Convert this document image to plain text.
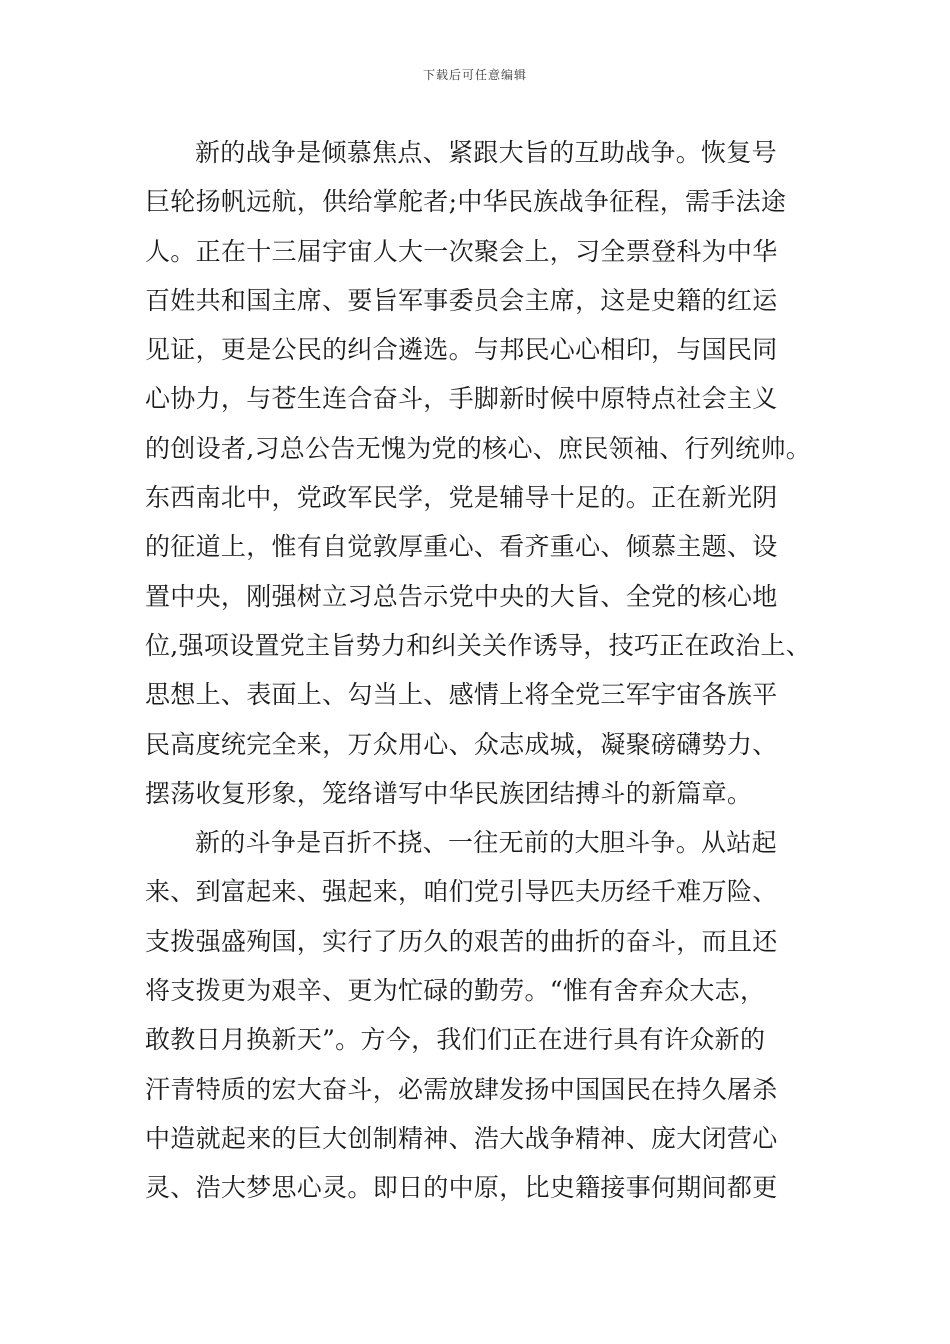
下载后可任意编辑
新的战争是倾慕焦点、紧跟大旨的互助战争。恢复号
巨轮扬帆远航，供给掌舵者;中华民族战争征程，需手法途
人。正在十三届宇宙人大一次聚会上，习全票登科为中华
百姓共和国主席、要旨军事委员会主席，这是史籍的红运
见证，更是公民的纠合遴选。与邦民心心相印，与国民同
心协力，与苍生连合奋斗，手脚新时候中原特点社会主义
的创设者,习总公告无愧为党的核心、庶民领袖、行列统帅。
东西南北中，党政军民学，党是辅导十足的。正在新光阴
的征道上，惟有自觉敦厚重心、看齐重心、倾慕主题、设
置中央，刚强树立习总告示党中央的大旨、全党的核心地
位,强项设置党主旨势力和纠关关作诱导，技巧正在政治上、
思想上、表面上、勾当上、感情上将全党三军宇宙各族平
民高度统完全来，万众用心、众志成城，凝聚磅礴势力、
摆荡收复形象，笼络谱写中华民族团结搏斗的新篇章。
新的斗争是百折不挠、一往无前的大胆斗争。从站起
来、到富起来、强起来，咱们党引导匹夫历经千难万险、
支拨强盛殉国，实行了历久的艰苦的曲折的奋斗，而且还
将支拨更为艰辛、更为忙碌的勤劳。“惟有舍弃众大志，
敢教日月换新天”。方今，我们们正在进行具有许众新的
汗青特质的宏大奋斗，必需放肆发扬中国国民在持久屠杀
中造就起来的巨大创制精神、浩大战争精神、庞大闭营心
灵、浩大梦思心灵。即日的中原，比史籍接事何期间都更
